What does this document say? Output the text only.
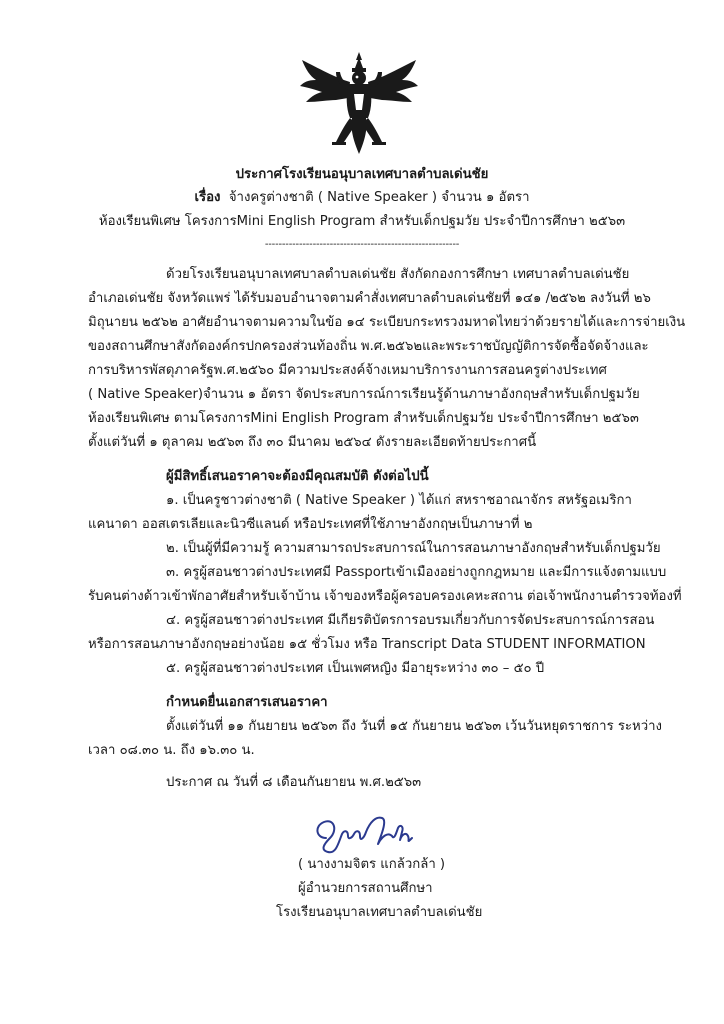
ประกาศโรงเรียนอนุบาลเทศบาลตำบลเด่นชัย
เรื่อง จ้างครูต่างชาติ ( Native Speaker ) จำนวน ๑ อัตรา
ห้องเรียนพิเศษ โครงการMini English Program สำหรับเด็กปฐมวัย ประจำปีการศึกษา ๒๕๖๓
---------------------------------------------------------
ด้วยโรงเรียนอนุบาลเทศบาลตำบลเด่นชัย สังกัดกองการศึกษา เทศบาลตำบลเด่นชัย
อำเภอเด่นชัย จังหวัดแพร่ ได้รับมอบอำนาจตามคำสั่งเทศบาลตำบลเด่นชัยที่ ๑๔๑ /๒๕๖๒ ลงวันที่ ๒๖
มิถุนายน ๒๕๖๒ อาศัยอำนาจตามความในข้อ ๑๔ ระเบียบกระทรวงมหาดไทยว่าด้วยรายได้และการจ่ายเงิน
ของสถานศึกษาสังกัดองค์กรปกครองส่วนท้องถิ่น พ.ศ.๒๕๖๒และพระราชบัญญัติการจัดซื้อจัดจ้างและ
การบริหารพัสดุภาครัฐพ.ศ.๒๕๖๐ มีความประสงค์จ้างเหมาบริการงานการสอนครูต่างประเทศ
( Native Speaker)จำนวน ๑ อัตรา จัดประสบการณ์การเรียนรู้ด้านภาษาอังกฤษสำหรับเด็กปฐมวัย
ห้องเรียนพิเศษ ตามโครงการMini English Program สำหรับเด็กปฐมวัย ประจำปีการศึกษา ๒๕๖๓
ตั้งแต่วันที่ ๑ ตุลาคม ๒๕๖๓ ถึง ๓๐ มีนาคม ๒๕๖๔ ดังรายละเอียดท้ายประกาศนี้
ผู้มีสิทธิ์เสนอราคาจะต้องมีคุณสมบัติ ดังต่อไปนี้
๑. เป็นครูชาวต่างชาติ ( Native Speaker ) ได้แก่ สหราชอาณาจักร สหรัฐอเมริกา
แคนาดา ออสเตรเลียและนิวซีแลนด์ หรือประเทศที่ใช้ภาษาอังกฤษเป็นภาษาที่ ๒
๒. เป็นผู้ที่มีความรู้ ความสามารถประสบการณ์ในการสอนภาษาอังกฤษสำหรับเด็กปฐมวัย
๓. ครูผู้สอนชาวต่างประเทศมี Passportเข้าเมืองอย่างถูกกฎหมาย และมีการแจ้งตามแบบ
รับคนต่างด้าวเข้าพักอาศัยสำหรับเจ้าบ้าน เจ้าของหรือผู้ครอบครองเคหะสถาน ต่อเจ้าพนักงานตำรวจท้องที่
๔. ครูผู้สอนชาวต่างประเทศ มีเกียรติบัตรการอบรมเกี่ยวกับการจัดประสบการณ์การสอน
หรือการสอนภาษาอังกฤษอย่างน้อย ๑๕ ชั่วโมง หรือ Transcript Data STUDENT INFORMATION
๕. ครูผู้สอนชาวต่างประเทศ เป็นเพศหญิง มีอายุระหว่าง ๓๐ – ๕๐ ปี
กำหนดยื่นเอกสารเสนอราคา
ตั้งแต่วันที่ ๑๑ กันยายน ๒๕๖๓ ถึง วันที่ ๑๕ กันยายน ๒๕๖๓ เว้นวันหยุดราชการ ระหว่าง
เวลา ๐๘.๓๐ น. ถึง ๑๖.๓๐ น.
ประกาศ ณ วันที่ ๘ เดือนกันยายน พ.ศ.๒๕๖๓
( นางงามจิตร แกล้วกล้า )
ผู้อำนวยการสถานศึกษา
โรงเรียนอนุบาลเทศบาลตำบลเด่นชัย
